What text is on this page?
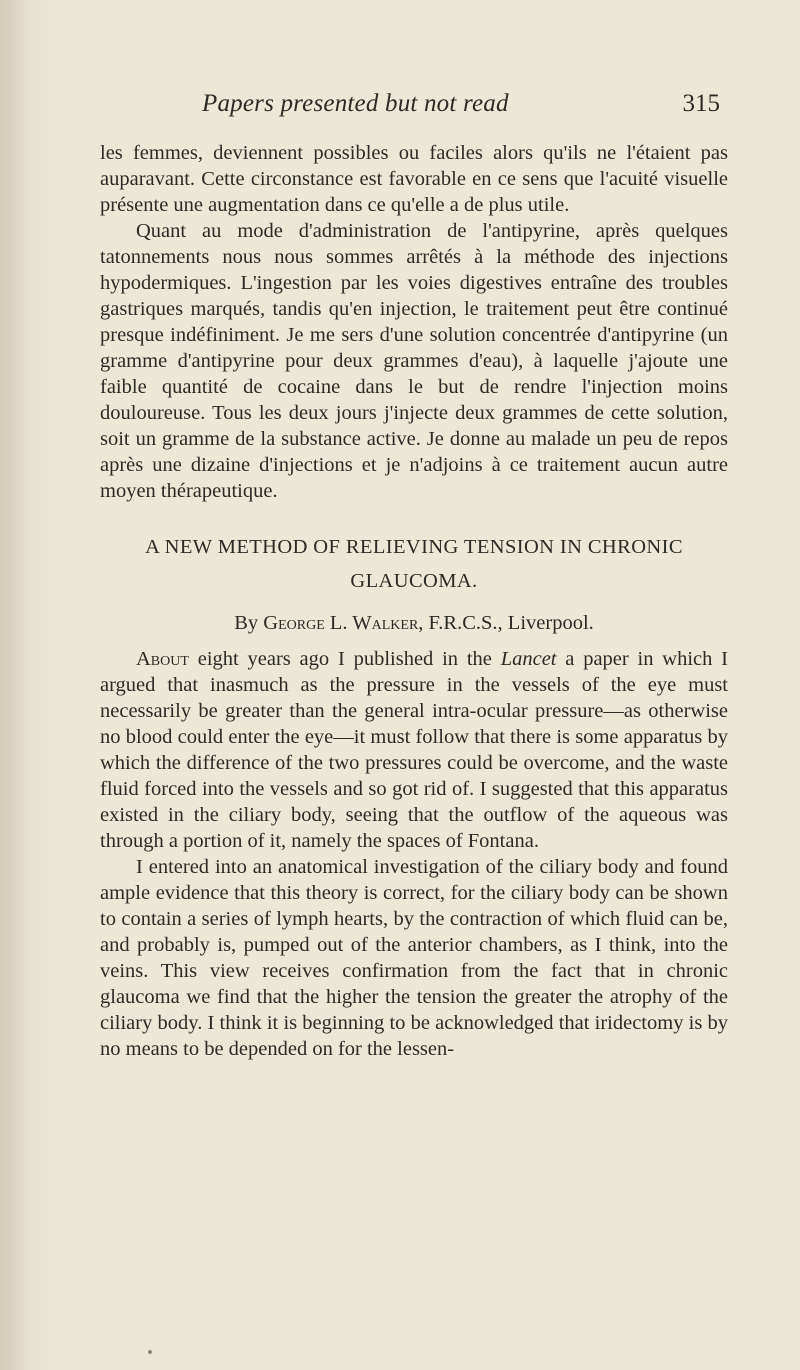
Papers presented but not read	315

les femmes, deviennent possibles ou faciles alors qu'ils ne l'étaient pas auparavant. Cette circonstance est favorable en ce sens que l'acuité visuelle présente une augmentation dans ce qu'elle a de plus utile.

Quant au mode d'administration de l'antipyrine, après quelques tatonnements nous nous sommes arrêtés à la méthode des injections hypodermiques. L'ingestion par les voies digestives entraîne des troubles gastriques marqués, tandis qu'en injection, le traitement peut être continué presque indéfiniment. Je me sers d'une solution concentrée d'antipyrine (un gramme d'antipyrine pour deux grammes d'eau), à laquelle j'ajoute une faible quantité de cocaine dans le but de rendre l'injection moins douloureuse. Tous les deux jours j'injecte deux grammes de cette solution, soit un gramme de la substance active. Je donne au malade un peu de repos après une dizaine d'injections et je n'adjoins à ce traitement aucun autre moyen thérapeutique.

A NEW METHOD OF RELIEVING TENSION IN CHRONIC
GLAUCOMA.
By George L. Walker, F.R.C.S., Liverpool.

About eight years ago I published in the Lancet a paper in which I argued that inasmuch as the pressure in the vessels of the eye must necessarily be greater than the general intra-ocular pressure—as otherwise no blood could enter the eye—it must follow that there is some apparatus by which the difference of the two pressures could be overcome, and the waste fluid forced into the vessels and so got rid of. I suggested that this apparatus existed in the ciliary body, seeing that the outflow of the aqueous was through a portion of it, namely the spaces of Fontana.

I entered into an anatomical investigation of the ciliary body and found ample evidence that this theory is correct, for the ciliary body can be shown to contain a series of lymph hearts, by the contraction of which fluid can be, and probably is, pumped out of the anterior chambers, as I think, into the veins. This view receives confirmation from the fact that in chronic glaucoma we find that the higher the tension the greater the atrophy of the ciliary body. I think it is beginning to be acknowledged that iridectomy is by no means to be depended on for the lessen-
